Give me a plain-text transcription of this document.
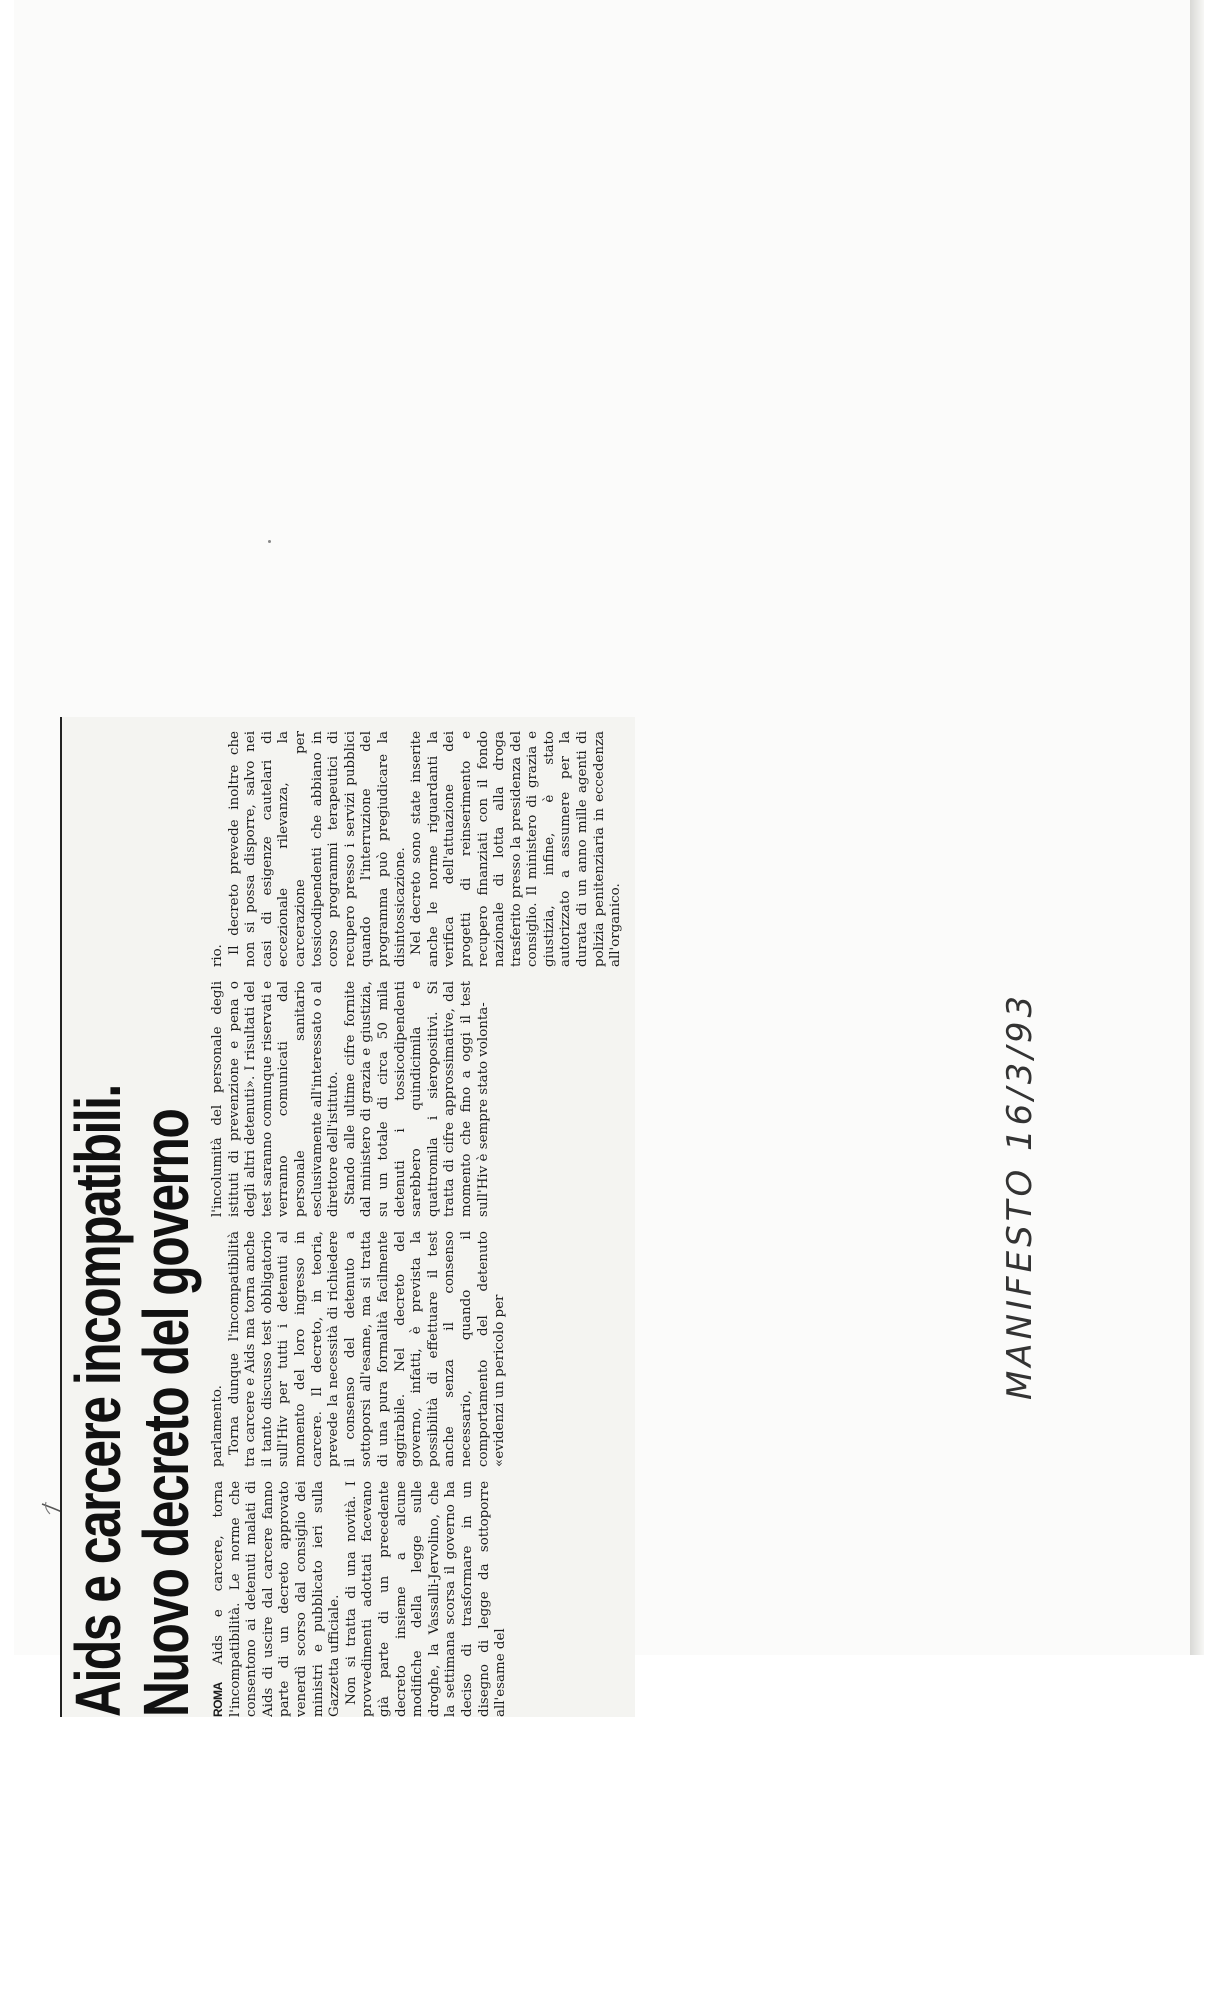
Aids e carcere incompatibili.
Nuovo decreto del governo ROMA Aids e carcere, torna l'incompatibilità. Le norme che consentono ai detenuti malati di Aids di uscire dal carcere fanno parte di un decreto approvato venerdì scorso dal consiglio dei ministri e pubblicato ieri sulla Gazzetta ufficiale. Non si tratta di una novità. I provvedimenti adottati facevano già parte di un precedente decreto insieme a alcune modifiche della legge sulle droghe, la Vassalli-Jervolino, che la settimana scorsa il governo ha deciso di trasformare in un disegno di legge da sottoporre all'esame del

parlamento. Torna dunque l'incompatibilità tra carcere e Aids ma torna anche il tanto discusso test obbligatorio sull'Hiv per tutti i detenuti al momento del loro ingresso in carcere. Il decreto, in teoria, prevede la necessità di richiedere il consenso del detenuto a sottoporsi all'esame, ma si tratta di una pura formalità facilmente aggirabile. Nel decreto del governo, infatti, è prevista la possibilità di effettuare il test anche senza il consenso necessario, quando il comportamento del detenuto «evidenzi un pericolo per

l'incolumità del personale degli istituti di prevenzione e pena o degli altri detenuti». I risultati del test saranno comunque riservati e verranno comunicati dal personale sanitario esclusivamente all'interessato o al direttore dell'istituto. Stando alle ultime cifre fornite dal ministero di grazia e giustizia, su un totale di circa 50 mila detenuti i tossicodipendenti sarebbero quindicimila e quattromila i sieropositivi. Si tratta di cifre approssimative, dal momento che fino a oggi il test sull'Hiv è sempre stato volonta-

rio.

Il decreto prevede inoltre che non si possa disporre, salvo nei casi di esigenze cautelari di eccezionale rilevanza, la carcerazione per tossicodipendenti che abbiano in corso programmi terapeutici di recupero presso i servizi pubblici quando l'interruzione del programma può pregiudicare la disintossicazione. Nel decreto sono state inserite anche le norme riguardanti la verifica dell'attuazione dei progetti di reinserimento e recupero finanziati con il fondo nazionale di lotta alla droga trasferito presso la presidenza del consiglio. Il ministero di grazia e giustizia, infine, è stato autorizzato a assumere per la durata di un anno mille agenti di polizia penitenziaria in eccedenza all'organico.

MANIFESTO 16/3/93
